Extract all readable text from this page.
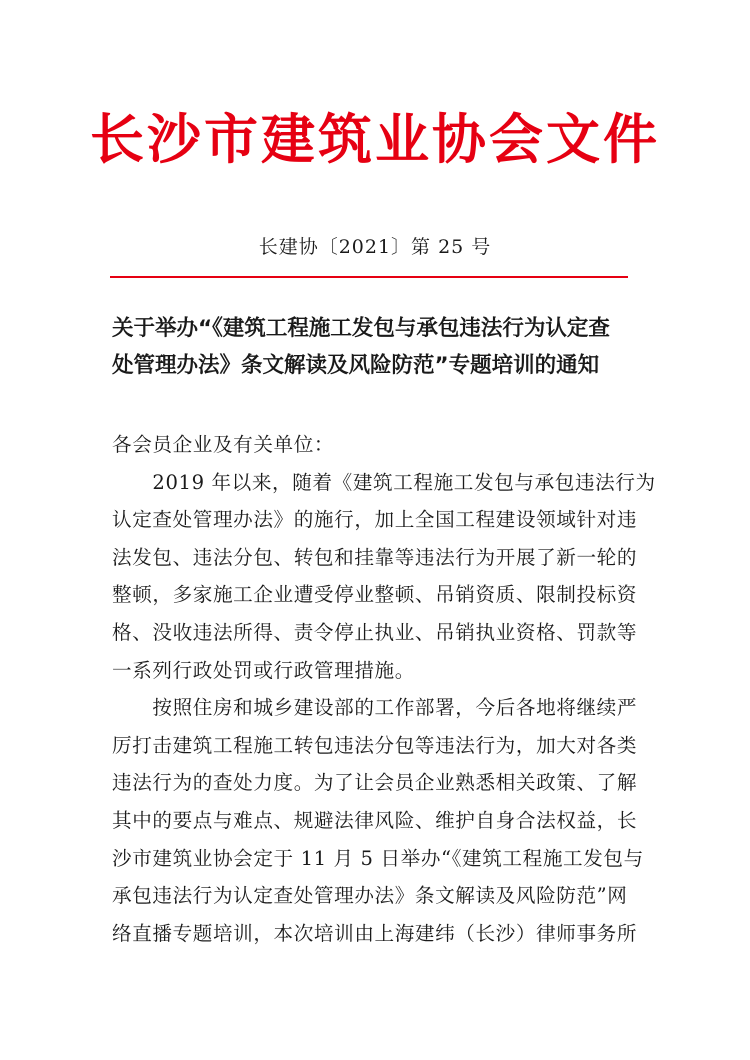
长沙市建筑业协会文件
长建协〔2021〕第 25 号
关于举办“《建筑工程施工发包与承包违法行为认定查
处管理办法》条文解读及风险防范”专题培训的通知
各会员企业及有关单位：
　　2019 年以来，随着《建筑工程施工发包与承包违法行为
认定查处管理办法》的施行，加上全国工程建设领域针对违
法发包、违法分包、转包和挂靠等违法行为开展了新一轮的
整顿，多家施工企业遭受停业整顿、吊销资质、限制投标资
格、没收违法所得、责令停止执业、吊销执业资格、罚款等
一系列行政处罚或行政管理措施。
　　按照住房和城乡建设部的工作部署，今后各地将继续严
厉打击建筑工程施工转包违法分包等违法行为，加大对各类
违法行为的查处力度。为了让会员企业熟悉相关政策、了解
其中的要点与难点、规避法律风险、维护自身合法权益，长
沙市建筑业协会定于 11 月 5 日举办“《建筑工程施工发包与
承包违法行为认定查处管理办法》条文解读及风险防范”网
络直播专题培训，本次培训由上海建纬（长沙）律师事务所
